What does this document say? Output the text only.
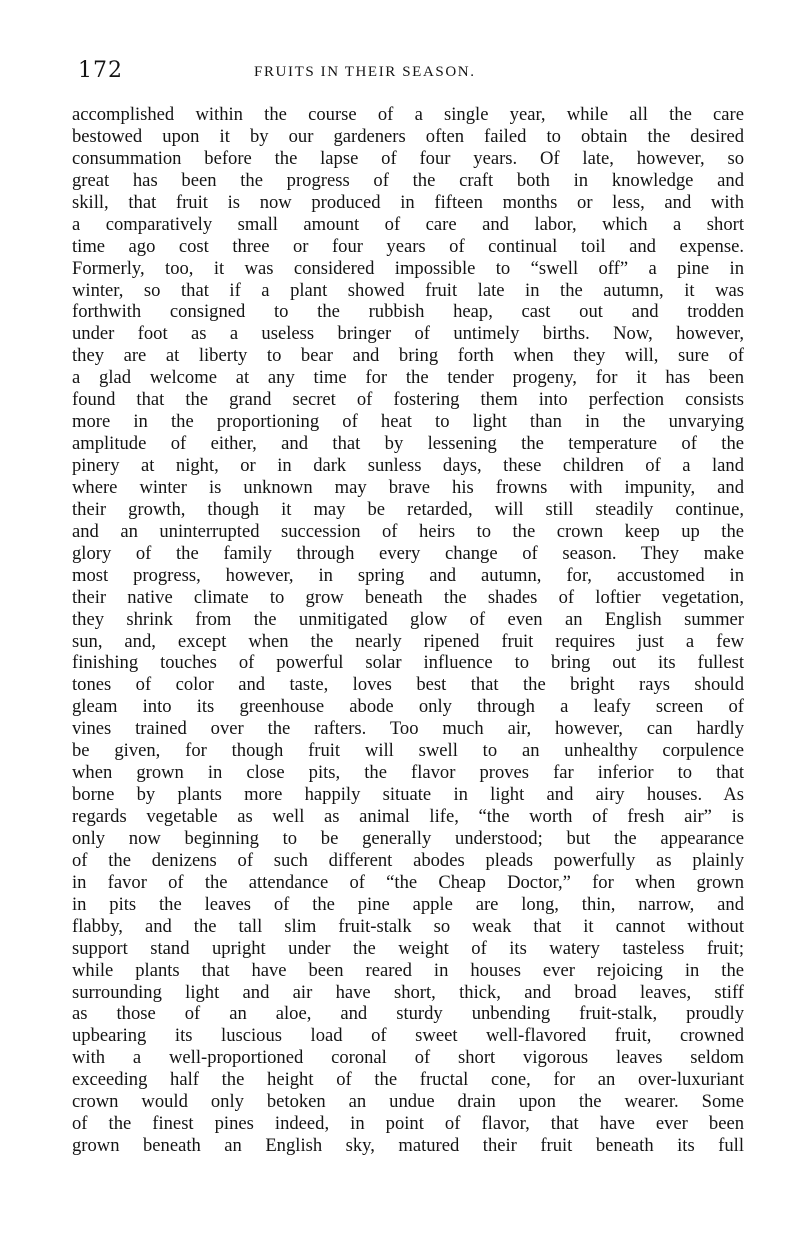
172	FRUITS IN THEIR SEASON.
accomplished within the course of a single year, while all the care
bestowed upon it by our gardeners often failed to obtain the desired
consummation before the lapse of four years. Of late, however, so
great has been the progress of the craft both in knowledge and
skill, that fruit is now produced in fifteen months or less, and with
a comparatively small amount of care and labor, which a short
time ago cost three or four years of continual toil and expense.
Formerly, too, it was considered impossible to “swell off” a pine in
winter, so that if a plant showed fruit late in the autumn, it was
forthwith consigned to the rubbish heap, cast out and trodden
under foot as a useless bringer of untimely births. Now, however,
they are at liberty to bear and bring forth when they will, sure of
a glad welcome at any time for the tender progeny, for it has been
found that the grand secret of fostering them into perfection consists
more in the proportioning of heat to light than in the unvarying
amplitude of either, and that by lessening the temperature of the
pinery at night, or in dark sunless days, these children of a land
where winter is unknown may brave his frowns with impunity, and
their growth, though it may be retarded, will still steadily continue,
and an uninterrupted succession of heirs to the crown keep up the
glory of the family through every change of season. They make
most progress, however, in spring and autumn, for, accustomed in
their native climate to grow beneath the shades of loftier vegetation,
they shrink from the unmitigated glow of even an English summer
sun, and, except when the nearly ripened fruit requires just a few
finishing touches of powerful solar influence to bring out its fullest
tones of color and taste, loves best that the bright rays should
gleam into its greenhouse abode only through a leafy screen of
vines trained over the rafters. Too much air, however, can hardly
be given, for though fruit will swell to an unhealthy corpulence
when grown in close pits, the flavor proves far inferior to that
borne by plants more happily situate in light and airy houses. As
regards vegetable as well as animal life, “the worth of fresh air” is
only now beginning to be generally understood; but the appearance
of the denizens of such different abodes pleads powerfully as plainly
in favor of the attendance of “the Cheap Doctor,” for when grown
in pits the leaves of the pine apple are long, thin, narrow, and
flabby, and the tall slim fruit-stalk so weak that it cannot without
support stand upright under the weight of its watery tasteless fruit;
while plants that have been reared in houses ever rejoicing in the
surrounding light and air have short, thick, and broad leaves, stiff
as those of an aloe, and sturdy unbending fruit-stalk, proudly
upbearing its luscious load of sweet well-flavored fruit, crowned
with a well-proportioned coronal of short vigorous leaves seldom
exceeding half the height of the fructal cone, for an over-luxuriant
crown would only betoken an undue drain upon the wearer. Some
of the finest pines indeed, in point of flavor, that have ever been
grown beneath an English sky, matured their fruit beneath its full
